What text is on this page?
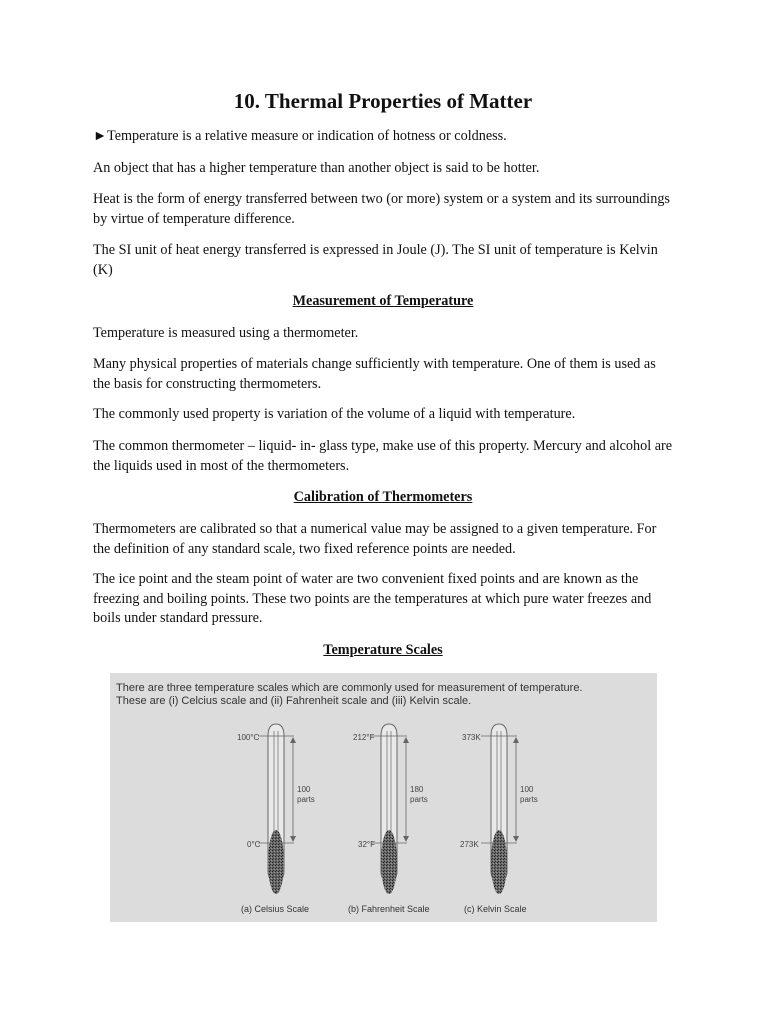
10. Thermal Properties of Matter

►Temperature is a relative measure or indication of hotness or coldness.

An object that has a higher temperature than another object is said to be hotter.

Heat is the form of energy transferred between two (or more) system or a system and its surroundings by virtue of temperature difference.

The SI unit of heat energy transferred is expressed in Joule (J). The SI unit of temperature is Kelvin (K)

Measurement of Temperature

Temperature is measured using a thermometer.

Many physical properties of materials change sufficiently with temperature. One of them is used as the basis for constructing thermometers.

The commonly used property is variation of the volume of a liquid with temperature.

The common thermometer – liquid- in- glass type, make use of this property. Mercury and alcohol are the liquids used in most of the thermometers.

Calibration of Thermometers

Thermometers are calibrated so that a numerical value may be assigned to a given temperature. For the definition of any standard scale, two fixed reference points are needed.

The ice point and the steam point of water are two convenient fixed points and are known as the freezing and boiling points. These two points are the temperatures at which pure water freezes and boils under standard pressure.

Temperature Scales

There are three temperature scales which are commonly used for measurement of temperature.

These are (i) Celcius scale and (ii) Fahrenheit scale and (iii) Kelvin scale.

100°C
0°C
100
parts
(a) Celsius Scale
212°F
32°F
180
parts
(b) Fahrenheit Scale
373K
273K
100
parts
(c) Kelvin Scale
